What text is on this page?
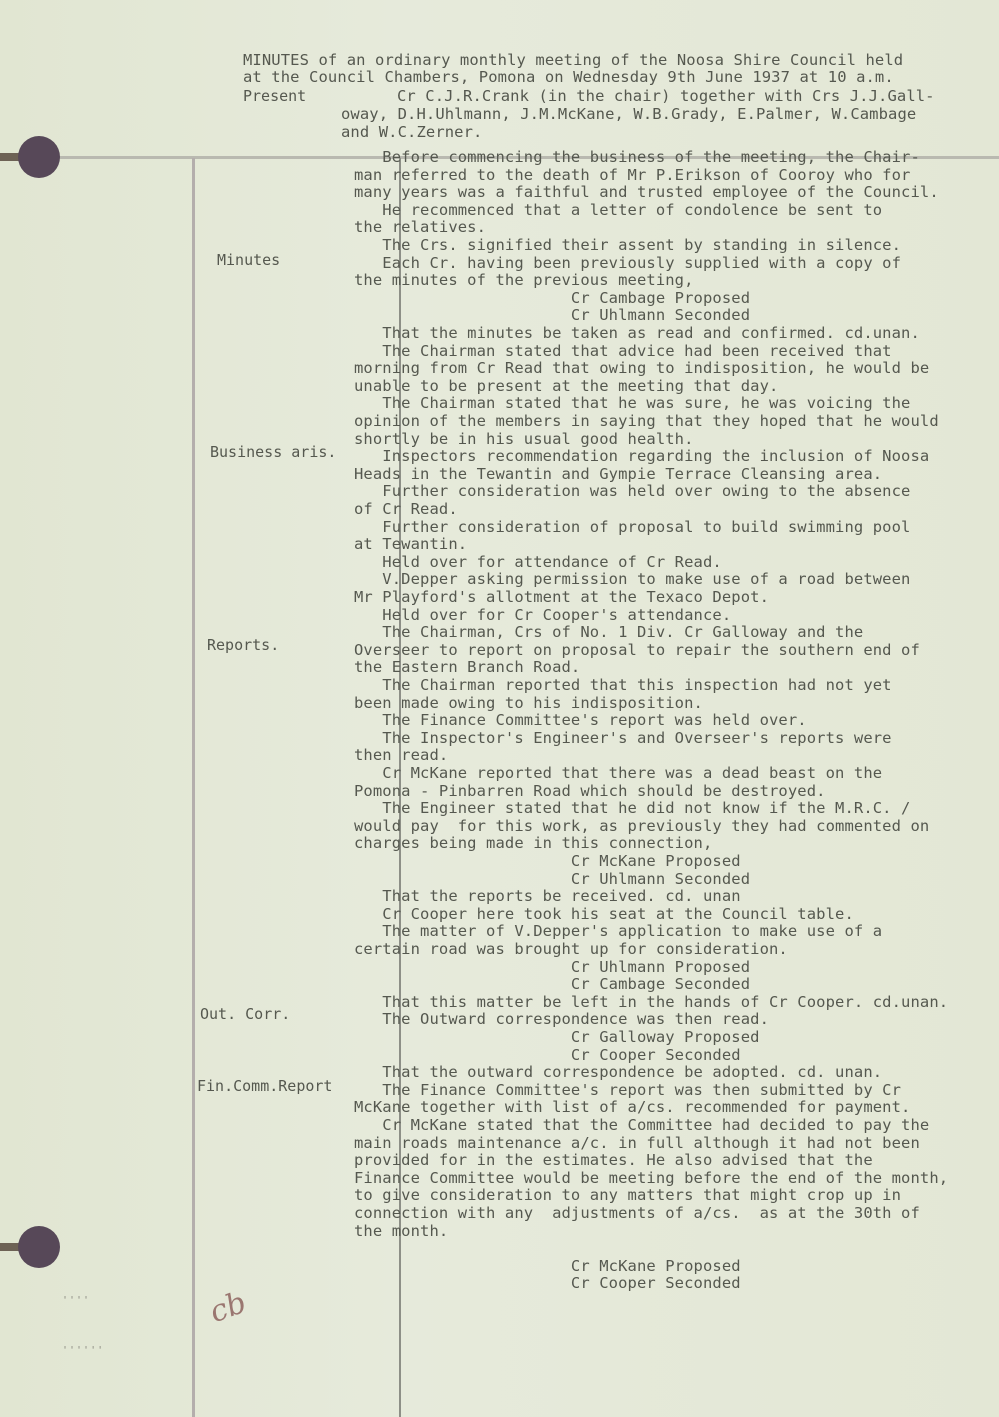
MINUTES of an ordinary monthly meeting of the Noosa Shire Council held
at the Council Chambers, Pomona on Wednesday 9th June 1937 at 10 a.m.
Present	Cr C.J.R.Crank (in the chair) together with Crs J.J.Gall-
oway, D.H.Uhlmann, J.M.McKane, W.B.Grady, E.Palmer, W.Cambage
and W.C.Zerner.
Minutes
Business aris.
Reports.
Out. Corr.
Fin.Comm.Report
Before commencing the business of the meeting, the Chair-
man referred to the death of Mr P.Erikson of Cooroy who for
many years was a faithful and trusted employee of the Council.
He recommenced that a letter of condolence be sent to
the relatives.
The Crs. signified their assent by standing in silence.
Each Cr. having been previously supplied with a copy of
the minutes of the previous meeting,
Cr Cambage Proposed
Cr Uhlmann Seconded
That the minutes be taken as read and confirmed. cd.unan.
The Chairman stated that advice had been received that
morning from Cr Read that owing to indisposition, he would be
unable to be present at the meeting that day.
The Chairman stated that he was sure, he was voicing the
opinion of the members in saying that they hoped that he would
shortly be in his usual good health.
Inspectors recommendation regarding the inclusion of Noosa
Heads in the Tewantin and Gympie Terrace Cleansing area.
Further consideration was held over owing to the absence
of Cr Read.
Further consideration of proposal to build swimming pool
at Tewantin.
Held over for attendance of Cr Read.
V.Depper asking permission to make use of a road between
Mr Playford's allotment at the Texaco Depot.
Held over for Cr Cooper's attendance.
The Chairman, Crs of No. 1 Div. Cr Galloway and the
Overseer to report on proposal to repair the southern end of
the Eastern Branch Road.
The Chairman reported that this inspection had not yet
been made owing to his indisposition.
The Finance Committee's report was held over.
The Inspector's Engineer's and Overseer's reports were
then read.
Cr McKane reported that there was a dead beast on the
Pomona - Pinbarren Road which should be destroyed.
The Engineer stated that he did not know if the M.R.C. /
would pay  for this work, as previously they had commented on
charges being made in this connection,
Cr McKane Proposed
Cr Uhlmann Seconded
That the reports be received. cd. unan
Cr Cooper here took his seat at the Council table.
The matter of V.Depper's application to make use of a
certain road was brought up for consideration.
Cr Uhlmann Proposed
Cr Cambage Seconded
That this matter be left in the hands of Cr Cooper. cd.unan.
The Outward correspondence was then read.
Cr Galloway Proposed
Cr Cooper Seconded
That the outward correspondence be adopted. cd. unan.
The Finance Committee's report was then submitted by Cr
McKane together with list of a/cs. recommended for payment.
Cr McKane stated that the Committee had decided to pay the
main roads maintenance a/c. in full although it had not been
provided for in the estimates. He also advised that the
Finance Committee would be meeting before the end of the month,
to give consideration to any matters that might crop up in
connection with any  adjustments of a/cs.  as at the 30th of
the month.
Cr McKane Proposed
Cr Cooper Seconded
''''
''''''
cb
